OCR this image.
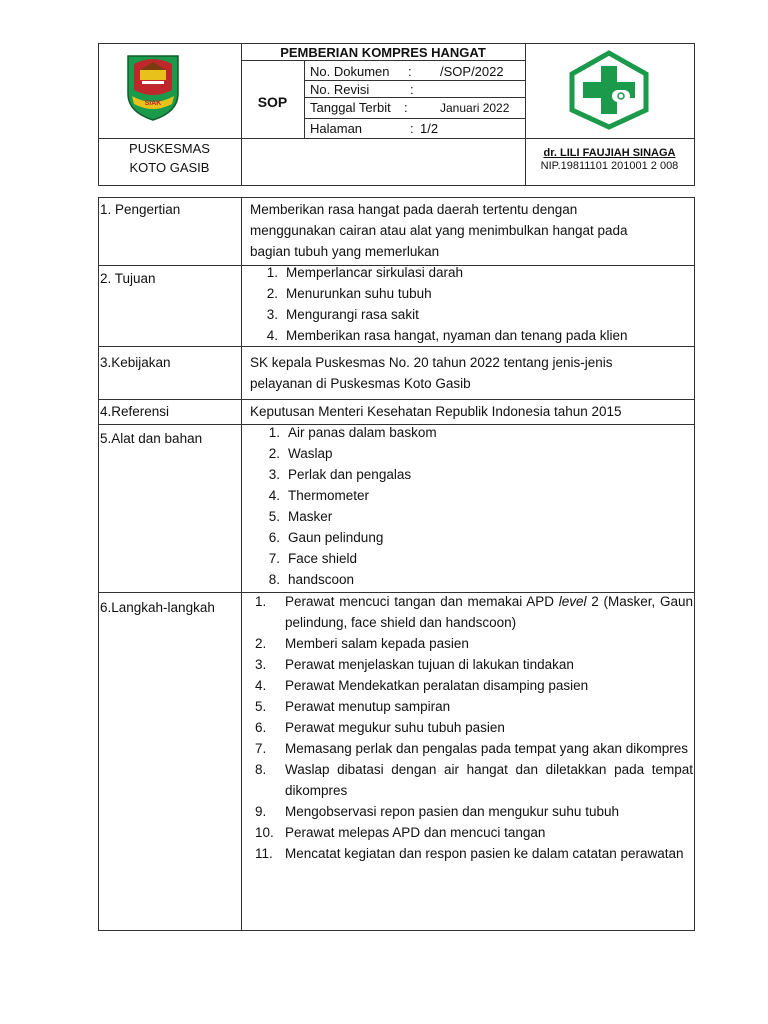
SIAK
PEMBERIAN KOMPRES HANGAT
SOP
No. Dokumen : /SOP/2022
No. Revisi	:
Tanggal Terbit :	Januari 2022
Halaman	: 1/2
PUSKESMAS
KOTO GASIB
dr. LILI FAUJIAH SINAGA
NIP.19811101 201001 2 008
1. Pengertian	Memberikan rasa hangat pada daerah tertentu dengan
menggunakan cairan atau alat yang menimbulkan hangat pada
bagian tubuh yang memerlukan
2. Tujuan	1. Memperlancar sirkulasi darah
2. Menurunkan suhu tubuh
3. Mengurangi rasa sakit
4. Memberikan rasa hangat, nyaman dan tenang pada klien
3.Kebijakan	SK kepala Puskesmas No. 20 tahun 2022 tentang jenis-jenis
pelayanan di Puskesmas Koto Gasib
4.Referensi	Keputusan Menteri Kesehatan Republik Indonesia tahun 2015
5.Alat dan bahan	1. Air panas dalam baskom
2. Waslap
3. Perlak dan pengalas
4. Thermometer
5. Masker
6. Gaun pelindung
7. Face shield
8. handscoon
6.Langkah-langkah	1.	Perawat mencuci tangan dan memakai APD level 2 (Masker, Gaun pelindung, face shield dan handscoon)
2.	Memberi salam kepada pasien
3.	Perawat menjelaskan tujuan di lakukan tindakan
4.	Perawat Mendekatkan peralatan disamping pasien
5.	Perawat menutup sampiran
6.	Perawat megukur suhu tubuh pasien
7.	Memasang perlak dan pengalas pada tempat yang akan dikompres
8.	Waslap dibatasi dengan air hangat dan diletakkan pada tempat dikompres
9.	Mengobservasi repon pasien dan mengukur suhu tubuh
10. Perawat melepas APD dan mencuci tangan
11. Mencatat kegiatan dan respon pasien ke dalam catatan perawatan
